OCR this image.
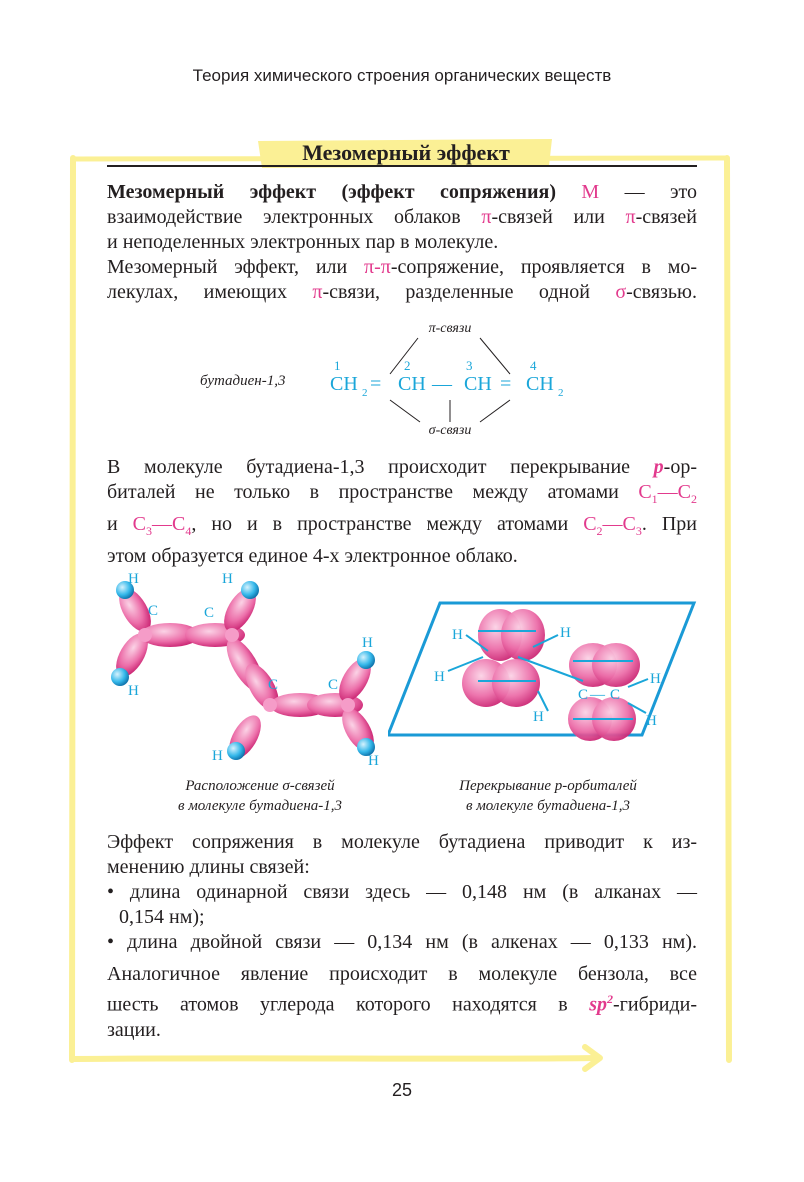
Теория химического строения органических веществ
Мезомерный эффект
Мезомерный эффект (эффект сопряжения) M — это
взаимодействие электронных облаков π-связей или π-связей
и неподеленных электронных пар в молекуле.
Мезомерный эффект, или π-π-сопряжение, проявляется в мо-
лекулах, имеющих π-связи, разделенные одной σ-связью.
бутадиен-1,3
π-связи
1	2	3	4
CH 2 = CH — CH = CH 2
σ-связи
В молекуле бутадиена-1,3 происходит перекрывание p-ор-
биталей не только в пространстве между атомами $C_1—C_2$
и $C_3—C_4$, но и в пространстве между атомами $C_2—C_3$. При
этом образуется единое 4-х электронное облако.
H	H
H
H
H
H
C	C
C	C
H	H
H	H
H	H
C — C
Расположение σ-связей
в молекуле бутадиена-1,3
Перекрывание p-орбиталей
в молекуле бутадиена-1,3
Эффект сопряжения в молекуле бутадиена приводит к из-
менению длины связей:
• длина одинарной связи здесь — 0,148 нм (в алканах —
0,154 нм);
• длина двойной связи — 0,134 нм (в алкенах — 0,133 нм).
Аналогичное явление происходит в молекуле бензола, все
шесть атомов углерода которого находятся в $sp^2-гибриди-$
зации.
25
